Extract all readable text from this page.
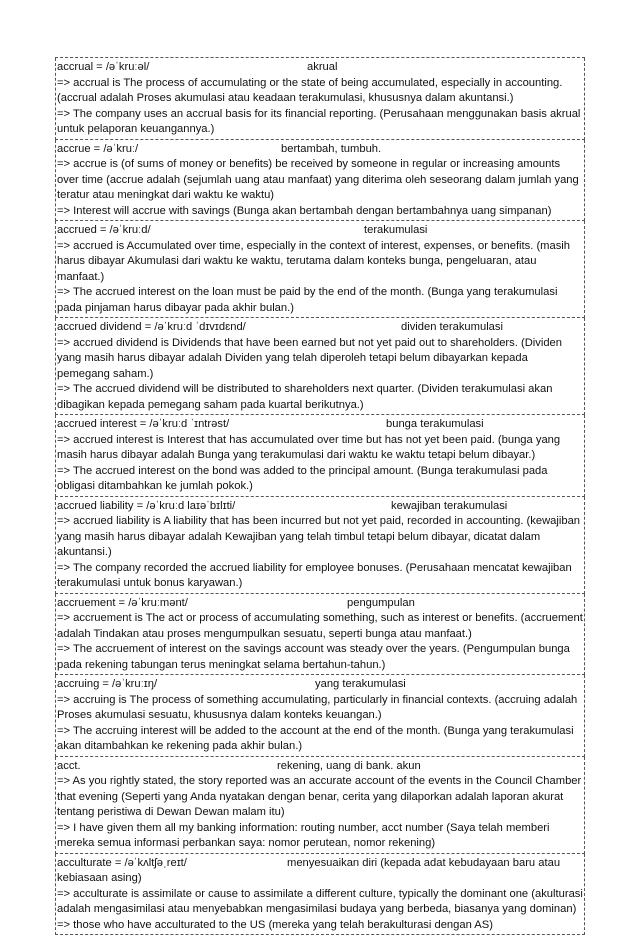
accrual = /əˈkruːəl/	akrual
=> accrual is The process of accumulating or the state of being accumulated, especially in accounting. (accrual adalah Proses akumulasi atau keadaan terakumulasi, khususnya dalam akuntansi.)
=> The company uses an accrual basis for its financial reporting. (Perusahaan menggunakan basis akrual untuk pelaporan keuangannya.)
accrue = /əˈkruː/	bertambah, tumbuh.
=> accrue is (of sums of money or benefits) be received by someone in regular or increasing amounts over time (accrue adalah (sejumlah uang atau manfaat) yang diterima oleh seseorang dalam jumlah yang teratur atau meningkat dari waktu ke waktu)
=> Interest will accrue with savings (Bunga akan bertambah dengan bertambahnya uang simpanan)
accrued = /əˈkruːd/	terakumulasi
=> accrued is Accumulated over time, especially in the context of interest, expenses, or benefits. (masih harus dibayar Akumulasi dari waktu ke waktu, terutama dalam konteks bunga, pengeluaran, atau manfaat.)
=> The accrued interest on the loan must be paid by the end of the month. (Bunga yang terakumulasi pada pinjaman harus dibayar pada akhir bulan.)
accrued dividend = /əˈkruːd ˈdɪvɪdɛnd/	dividen terakumulasi
=> accrued dividend is Dividends that have been earned but not yet paid out to shareholders. (Dividen yang masih harus dibayar adalah Dividen yang telah diperoleh tetapi belum dibayarkan kepada pemegang saham.)
=> The accrued dividend will be distributed to shareholders next quarter. (Dividen terakumulasi akan dibagikan kepada pemegang saham pada kuartal berikutnya.)
accrued interest = /əˈkruːd ˈɪntrəst/	bunga terakumulasi
=> accrued interest is Interest that has accumulated over time but has not yet been paid. (bunga yang masih harus dibayar adalah Bunga yang terakumulasi dari waktu ke waktu tetapi belum dibayar.)
=> The accrued interest on the bond was added to the principal amount. (Bunga terakumulasi pada obligasi ditambahkan ke jumlah pokok.)
accrued liability = /əˈkruːd laɪəˈbɪlɪti/	kewajiban terakumulasi
=> accrued liability is A liability that has been incurred but not yet paid, recorded in accounting. (kewajiban yang masih harus dibayar adalah Kewajiban yang telah timbul tetapi belum dibayar, dicatat dalam akuntansi.)
=> The company recorded the accrued liability for employee bonuses. (Perusahaan mencatat kewajiban terakumulasi untuk bonus karyawan.)
accruement = /əˈkruːmənt/	pengumpulan
=> accruement is The act or process of accumulating something, such as interest or benefits. (accruement adalah Tindakan atau proses mengumpulkan sesuatu, seperti bunga atau manfaat.)
=> The accruement of interest on the savings account was steady over the years. (Pengumpulan bunga pada rekening tabungan terus meningkat selama bertahun-tahun.)
accruing = /əˈkruːɪŋ/	yang terakumulasi
=> accruing is The process of something accumulating, particularly in financial contexts. (accruing adalah Proses akumulasi sesuatu, khususnya dalam konteks keuangan.)
=> The accruing interest will be added to the account at the end of the month. (Bunga yang terakumulasi akan ditambahkan ke rekening pada akhir bulan.)
acct.	rekening, uang di bank. akun
=> As you rightly stated, the story reported was an accurate account of the events in the Council Chamber that evening (Seperti yang Anda nyatakan dengan benar, cerita yang dilaporkan adalah laporan akurat tentang peristiwa di Dewan Dewan malam itu)
=> I have given them all my banking information: routing number, acct number (Saya telah memberi mereka semua informasi perbankan saya: nomor perutean, nomor rekening)
acculturate = /əˈkʌltʃəˌreɪt/	menyesuaikan diri (kepada adat kebudayaan baru atau
kebiasaan asing)
=> acculturate is assimilate or cause to assimilate a different culture, typically the dominant one (akulturasi adalah mengasimilasi atau menyebabkan mengasimilasi budaya yang berbeda, biasanya yang dominan)
=> those who have acculturated to the US (mereka yang telah berakulturasi dengan AS)
